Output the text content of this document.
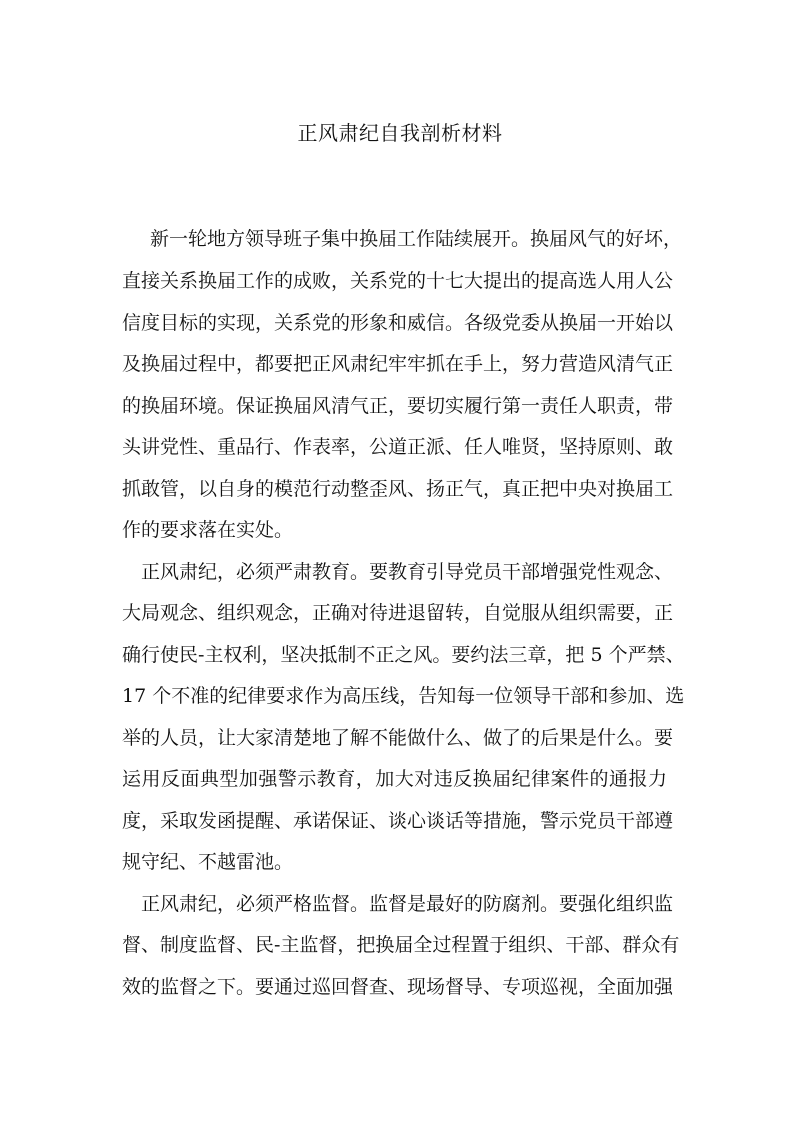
正风肃纪自我剖析材料
新一轮地方领导班子集中换届工作陆续展开。换届风气的好坏，
直接关系换届工作的成败，关系党的十七大提出的提高选人用人公
信度目标的实现，关系党的形象和威信。各级党委从换届一开始以
及换届过程中，都要把正风肃纪牢牢抓在手上，努力营造风清气正
的换届环境。保证换届风清气正，要切实履行第一责任人职责，带
头讲党性、重品行、作表率，公道正派、任人唯贤，坚持原则、敢
抓敢管，以自身的模范行动整歪风、扬正气，真正把中央对换届工
作的要求落在实处。
正风肃纪，必须严肃教育。要教育引导党员干部增强党性观念、
大局观念、组织观念，正确对待进退留转，自觉服从组织需要，正
确行使民-主权利，坚决抵制不正之风。要约法三章，把 5 个严禁、
17 个不准的纪律要求作为高压线，告知每一位领导干部和参加、选
举的人员，让大家清楚地了解不能做什么、做了的后果是什么。要
运用反面典型加强警示教育，加大对违反换届纪律案件的通报力
度，采取发函提醒、承诺保证、谈心谈话等措施，警示党员干部遵
规守纪、不越雷池。
正风肃纪，必须严格监督。监督是最好的防腐剂。要强化组织监
督、制度监督、民-主监督，把换届全过程置于组织、干部、群众有
效的监督之下。要通过巡回督查、现场督导、专项巡视，全面加强
